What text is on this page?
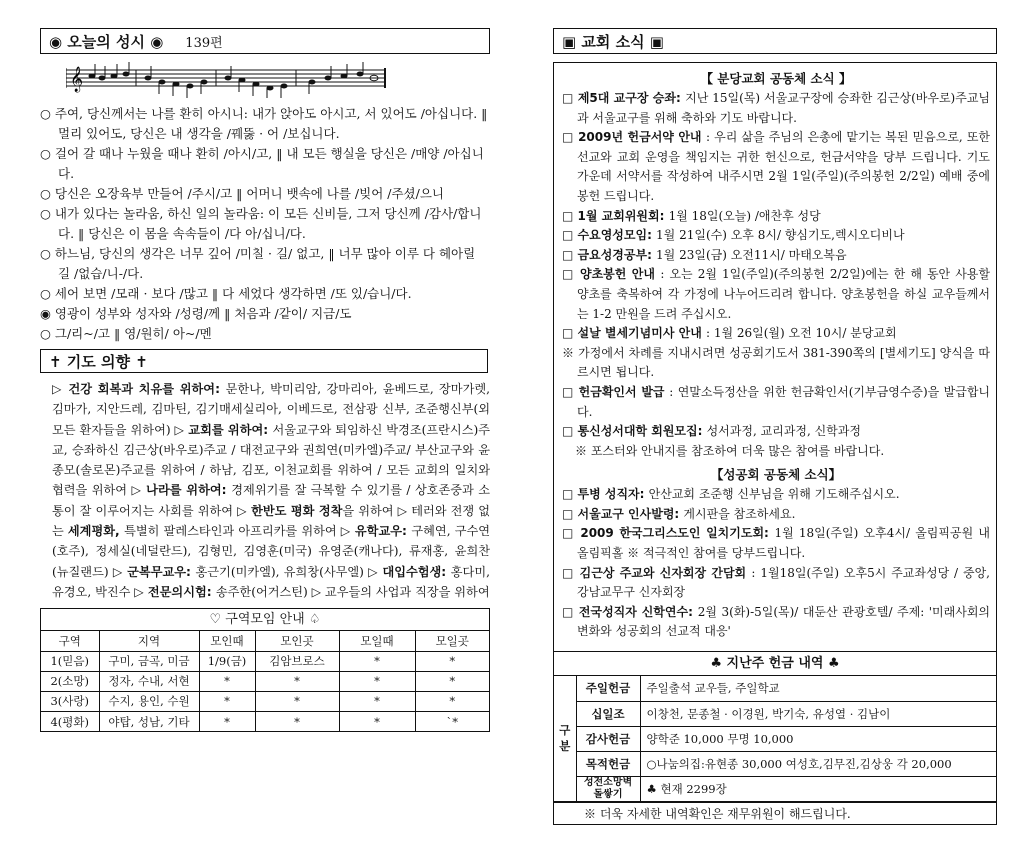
◉ 오늘의 성시 ◉ 139편
𝄞

○ 주여, 당신께서는 나를 환히 아시니: 내가 앉아도 아시고, 서 있어도 /아십니다. ‖ 멀리 있어도, 당신은 내 생각을 /꿰뚫 · 어 /보십니다.

○ 걸어 갈 때나 누웠을 때나 환히 /아시/고, ‖ 내 모든 행실을 당신은 /매양 /아십니다.

○ 당신은 오장육부 만들어 /주시/고 ‖ 어머니 뱃속에 나를 /빚어 /주셨/으니

○ 내가 있다는 놀라움, 하신 일의 놀라움: 이 모든 신비들, 그저 당신께 /감사/합니다. ‖ 당신은 이 몸을 속속들이 /다 아/십니/다.

○ 하느님, 당신의 생각은 너무 깊어 /미칠 · 길/ 없고, ‖ 너무 많아 이루 다 헤아릴 길 /없습/니-/다.

○ 세어 보면 /모래 · 보다 /많고 ‖ 다 세었다 생각하면 /또 있/습니/다.

◉ 영광이 성부와 성자와 /성령/께 ‖ 처음과 /같이/ 지금/도

○ 그/리~/고 ‖ 영/원히/ 아~/멘

✝ 기도 의향 ✝
▷ 건강 회복과 치유를 위하여: 문한나, 박미리암, 강마리아, 윤베드로, 장마가렛, 김마가, 지안드레, 김마틴, 김기매세실리아, 이베드로, 전삼광 신부, 조준행신부(외 모든 환자들을 위하여) ▷ 교회를 위하여: 서울교구와 퇴임하신 박경조(프란시스)주교, 승좌하신 김근상(바우로)주교 / 대전교구와 권희연(미카엘)주교/ 부산교구와 윤종모(솔로몬)주교를 위하여 / 하남, 김포, 이천교회를 위하여 / 모든 교회의 일치와 협력을 위하여 ▷ 나라를 위하여: 경제위기를 잘 극복할 수 있기를 / 상호존중과 소통이 잘 이루어지는 사회를 위하여 ▷ 한반도 평화 정착을 위하여 ▷ 테러와 전쟁 없는 세계평화, 특별히 팔레스타인과 아프리카를 위하여 ▷ 유학교우: 구혜연, 구수연(호주), 정세실(네덜란드), 김형민, 김영훈(미국) 유영준(캐나다), 류재홍, 윤희찬(뉴질랜드) ▷ 군복무교우: 홍근기(미카엘), 유희창(사무엘) ▷ 대입수험생: 홍다미, 유경오, 박진수 ▷ 전문의시험: 송주한(어거스틴) ▷ 교우들의 사업과 직장을 위하여
♡ 구역모임 안내 ♤
구역	지역	모인때	모인곳	모일때	모일곳
1(믿음)	구미, 금곡, 미금	1/9(금)	김암브로스	*	*
2(소망)	정자, 수내, 서현	*	*	*	*
3(사랑)	수지, 용인, 수원	*	*	*	*
4(평화)	야탑, 성남, 기타	*	*	*	`*
▣ 교회 소식 ▣
【 분당교회 공동체 소식 】

□ 제5대 교구장 승좌: 지난 15일(목) 서울교구장에 승좌한 김근상(바우로)주교님과 서울교구를 위해 축하와 기도 바랍니다.

□ 2009년 헌금서약 안내 : 우리 삶을 주님의 은총에 맡기는 복된 믿음으로, 또한 선교와 교회 운영을 책임지는 귀한 헌신으로, 헌금서약을 당부 드립니다. 기도 가운데 서약서를 작성하여 내주시면 2월 1일(주일)(주의봉헌 2/2일) 예배 중에 봉헌 드립니다.

□ 1월 교회위원회: 1월 18일(오늘) /애찬후 성당

□ 수요영성모임: 1월 21일(수) 오후 8시/ 향심기도,렉시오디비나

□ 금요성경공부: 1월 23일(금) 오전11시/ 마태오복음

□ 양초봉헌 안내 : 오는 2월 1일(주일)(주의봉헌 2/2일)에는 한 해 동안 사용할 양초를 축복하여 각 가정에 나누어드리려 합니다. 양초봉헌을 하실 교우들께서는 1-2 만원을 드려 주십시오.

□ 설날 별세기념미사 안내 : 1월 26일(월) 오전 10시/ 분당교회

※ 가정에서 차례를 지내시려면 성공회기도서 381-390쪽의 [별세기도] 양식을 따르시면 됩니다.

□ 헌금확인서 발급 : 연말소득정산을 위한 헌금확인서(기부금영수증)을 발급합니다.

□ 통신성서대학 회원모집: 성서과정, 교리과정, 신학과정

※ 포스터와 안내지를 참조하여 더욱 많은 참여를 바랍니다.

【성공회 공동체 소식】

□ 투병 성직자: 안산교회 조준행 신부님을 위해 기도해주십시오.

□ 서울교구 인사발령: 게시판을 참조하세요.

□ 2009 한국그리스도인 일치기도회: 1월 18일(주일) 오후4시/ 올림픽공원 내 올림픽홀 ※ 적극적인 참여를 당부드립니다.

□ 김근상 주교와 신자회장 간담회 : 1월18일(주일) 오후5시 주교좌성당 / 중앙, 강남교무구 신자회장

□ 전국성직자 신학연수: 2월 3(화)-5일(목)/ 대둔산 관광호텔/ 주제: '미래사회의 변화와 성공회의 선교적 대응'

♣ 지난주 헌금 내역 ♣
구분	주일헌금	주일출석 교우들, 주일학교
	십일조	이창천, 문종철 · 이경원, 박기숙, 유성열 · 김남이
	감사헌금	양학준 10,000 무명 10,000
	목적헌금	○나눔의집:유현종 30,000 여성호,김무진,김상웅 각 20,000
	성전소망벽돌쌓기	♣ 현재 2299장
※ 더욱 자세한 내역확인은 재무위원이 해드립니다.
